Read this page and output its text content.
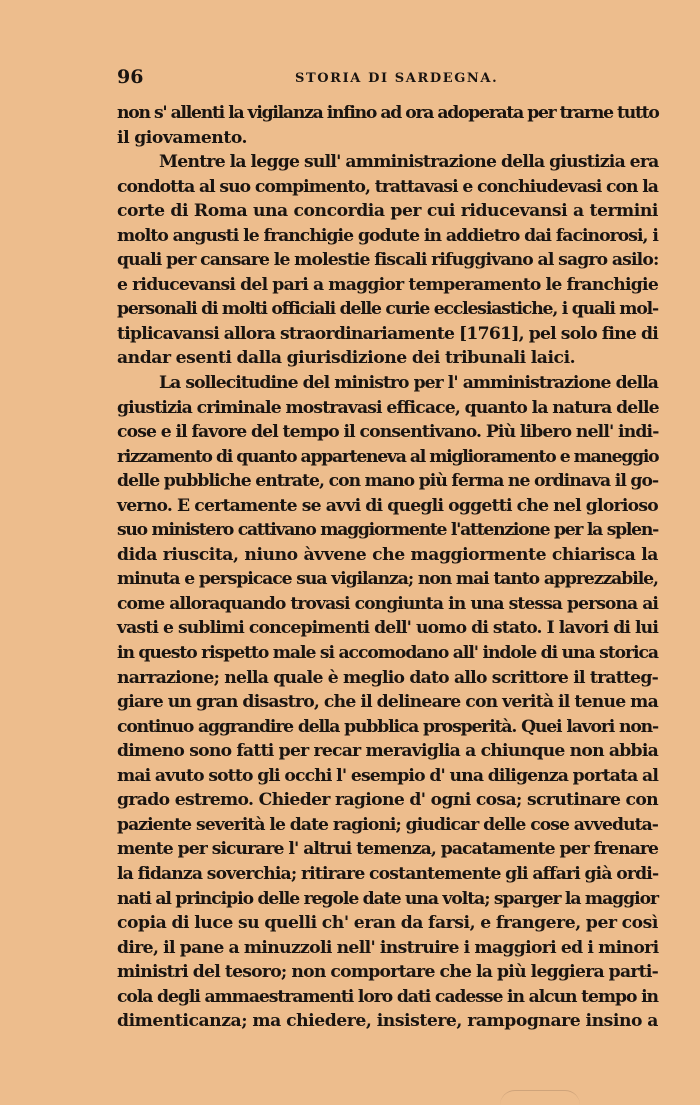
96	STORIA DI SARDEGNA.
non s' allenti la vigilanza infino ad ora adoperata per trarne tutto
il giovamento.
Mentre la legge sull' amministrazione della giustizia era
condotta al suo compimento, trattavasi e conchiudevasi con la
corte di Roma una concordia per cui riducevansi a termini
molto angusti le franchigie godute in addietro dai facinorosi, i
quali per cansare le molestie fiscali rifuggivano al sagro asilo:
e riducevansi del pari a maggior temperamento le franchigie
personali di molti officiali delle curie ecclesiastiche, i quali mol-
tiplicavansi allora straordinariamente [1761], pel solo fine di
andar esenti dalla giurisdizione dei tribunali laici.
La sollecitudine del ministro per l' amministrazione della
giustizia criminale mostravasi efficace, quanto la natura delle
cose e il favore del tempo il consentivano. Più libero nell' indi-
rizzamento di quanto apparteneva al miglioramento e maneggio
delle pubbliche entrate, con mano più ferma ne ordinava il go-
verno. E certamente se avvi di quegli oggetti che nel glorioso
suo ministero cattivano maggiormente l'attenzione per la splen-
dida riuscita, niuno àvvene che maggiormente chiarisca la
minuta e perspicace sua vigilanza; non mai tanto apprezzabile,
come alloraquando trovasi congiunta in una stessa persona ai
vasti e sublimi concepimenti dell' uomo di stato. I lavori di lui
in questo rispetto male si accomodano all' indole di una storica
narrazione; nella quale è meglio dato allo scrittore il tratteg-
giare un gran disastro, che il delineare con verità il tenue ma
continuo aggrandire della pubblica prosperità. Quei lavori non-
dimeno sono fatti per recar meraviglia a chiunque non abbia
mai avuto sotto gli occhi l' esempio d' una diligenza portata al
grado estremo. Chieder ragione d' ogni cosa; scrutinare con
paziente severità le date ragioni; giudicar delle cose avveduta-
mente per sicurare l' altrui temenza, pacatamente per frenare
la fidanza soverchia; ritirare costantemente gli affari già ordi-
nati al principio delle regole date una volta; sparger la maggior
copia di luce su quelli ch' eran da farsi, e frangere, per così
dire, il pane a minuzzoli nell' instruire i maggiori ed i minori
ministri del tesoro; non comportare che la più leggiera parti-
cola degli ammaestramenti loro dati cadesse in alcun tempo in
dimenticanza; ma chiedere, insistere, rampognare insino a
